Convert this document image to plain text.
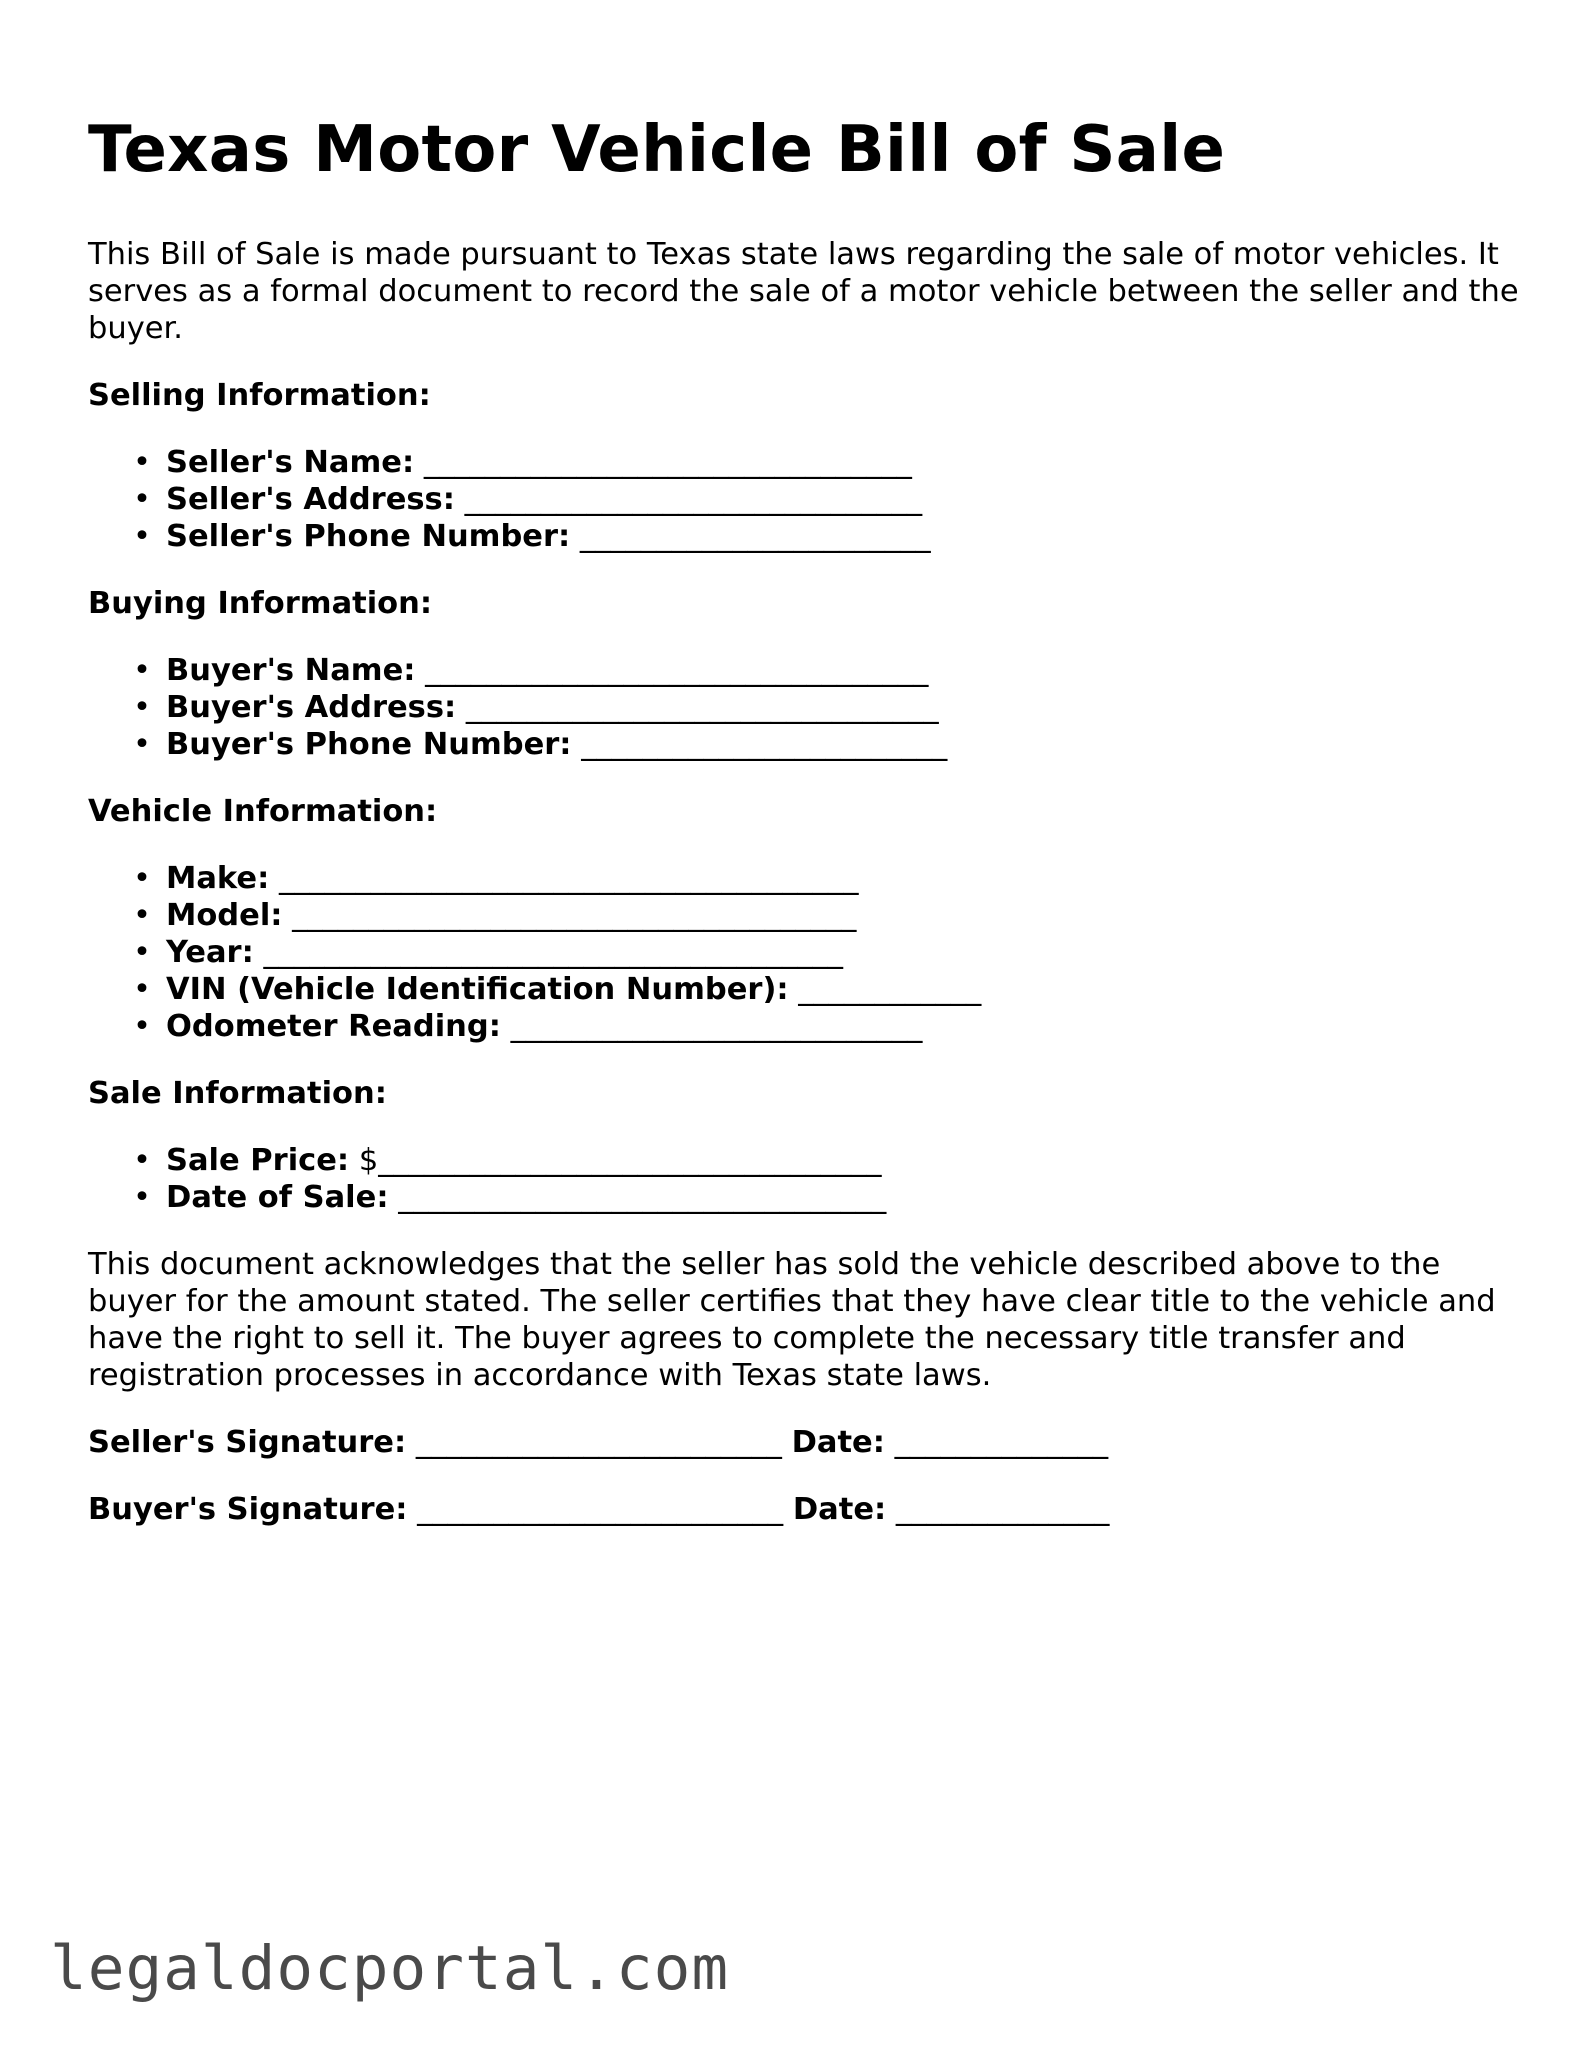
Texas Motor Vehicle Bill of Sale

This Bill of Sale is made pursuant to Texas state laws regarding the sale of motor vehicles. It serves as a formal document to record the sale of a motor vehicle between the seller and the buyer.

Selling Information:
• Seller's Name: ________________________________
• Seller's Address: ______________________________
• Seller's Phone Number: _______________________
Buying Information:
• Buyer's Name: _________________________________
• Buyer's Address: _______________________________
• Buyer's Phone Number: ________________________
Vehicle Information:
• Make: ______________________________________
• Model: _____________________________________
• Year: ______________________________________
• VIN (Vehicle Identification Number): ____________
• Odometer Reading: ___________________________
Sale Information:
• Sale Price: $_________________________________
• Date of Sale: ________________________________

This document acknowledges that the seller has sold the vehicle described above to the buyer for the amount stated. The seller certifies that they have clear title to the vehicle and have the right to sell it. The buyer agrees to complete the necessary title transfer and registration processes in accordance with Texas state laws.

Seller's Signature: ________________________ Date: ______________
Buyer's Signature: ________________________ Date: ______________
legaldocportal.com
